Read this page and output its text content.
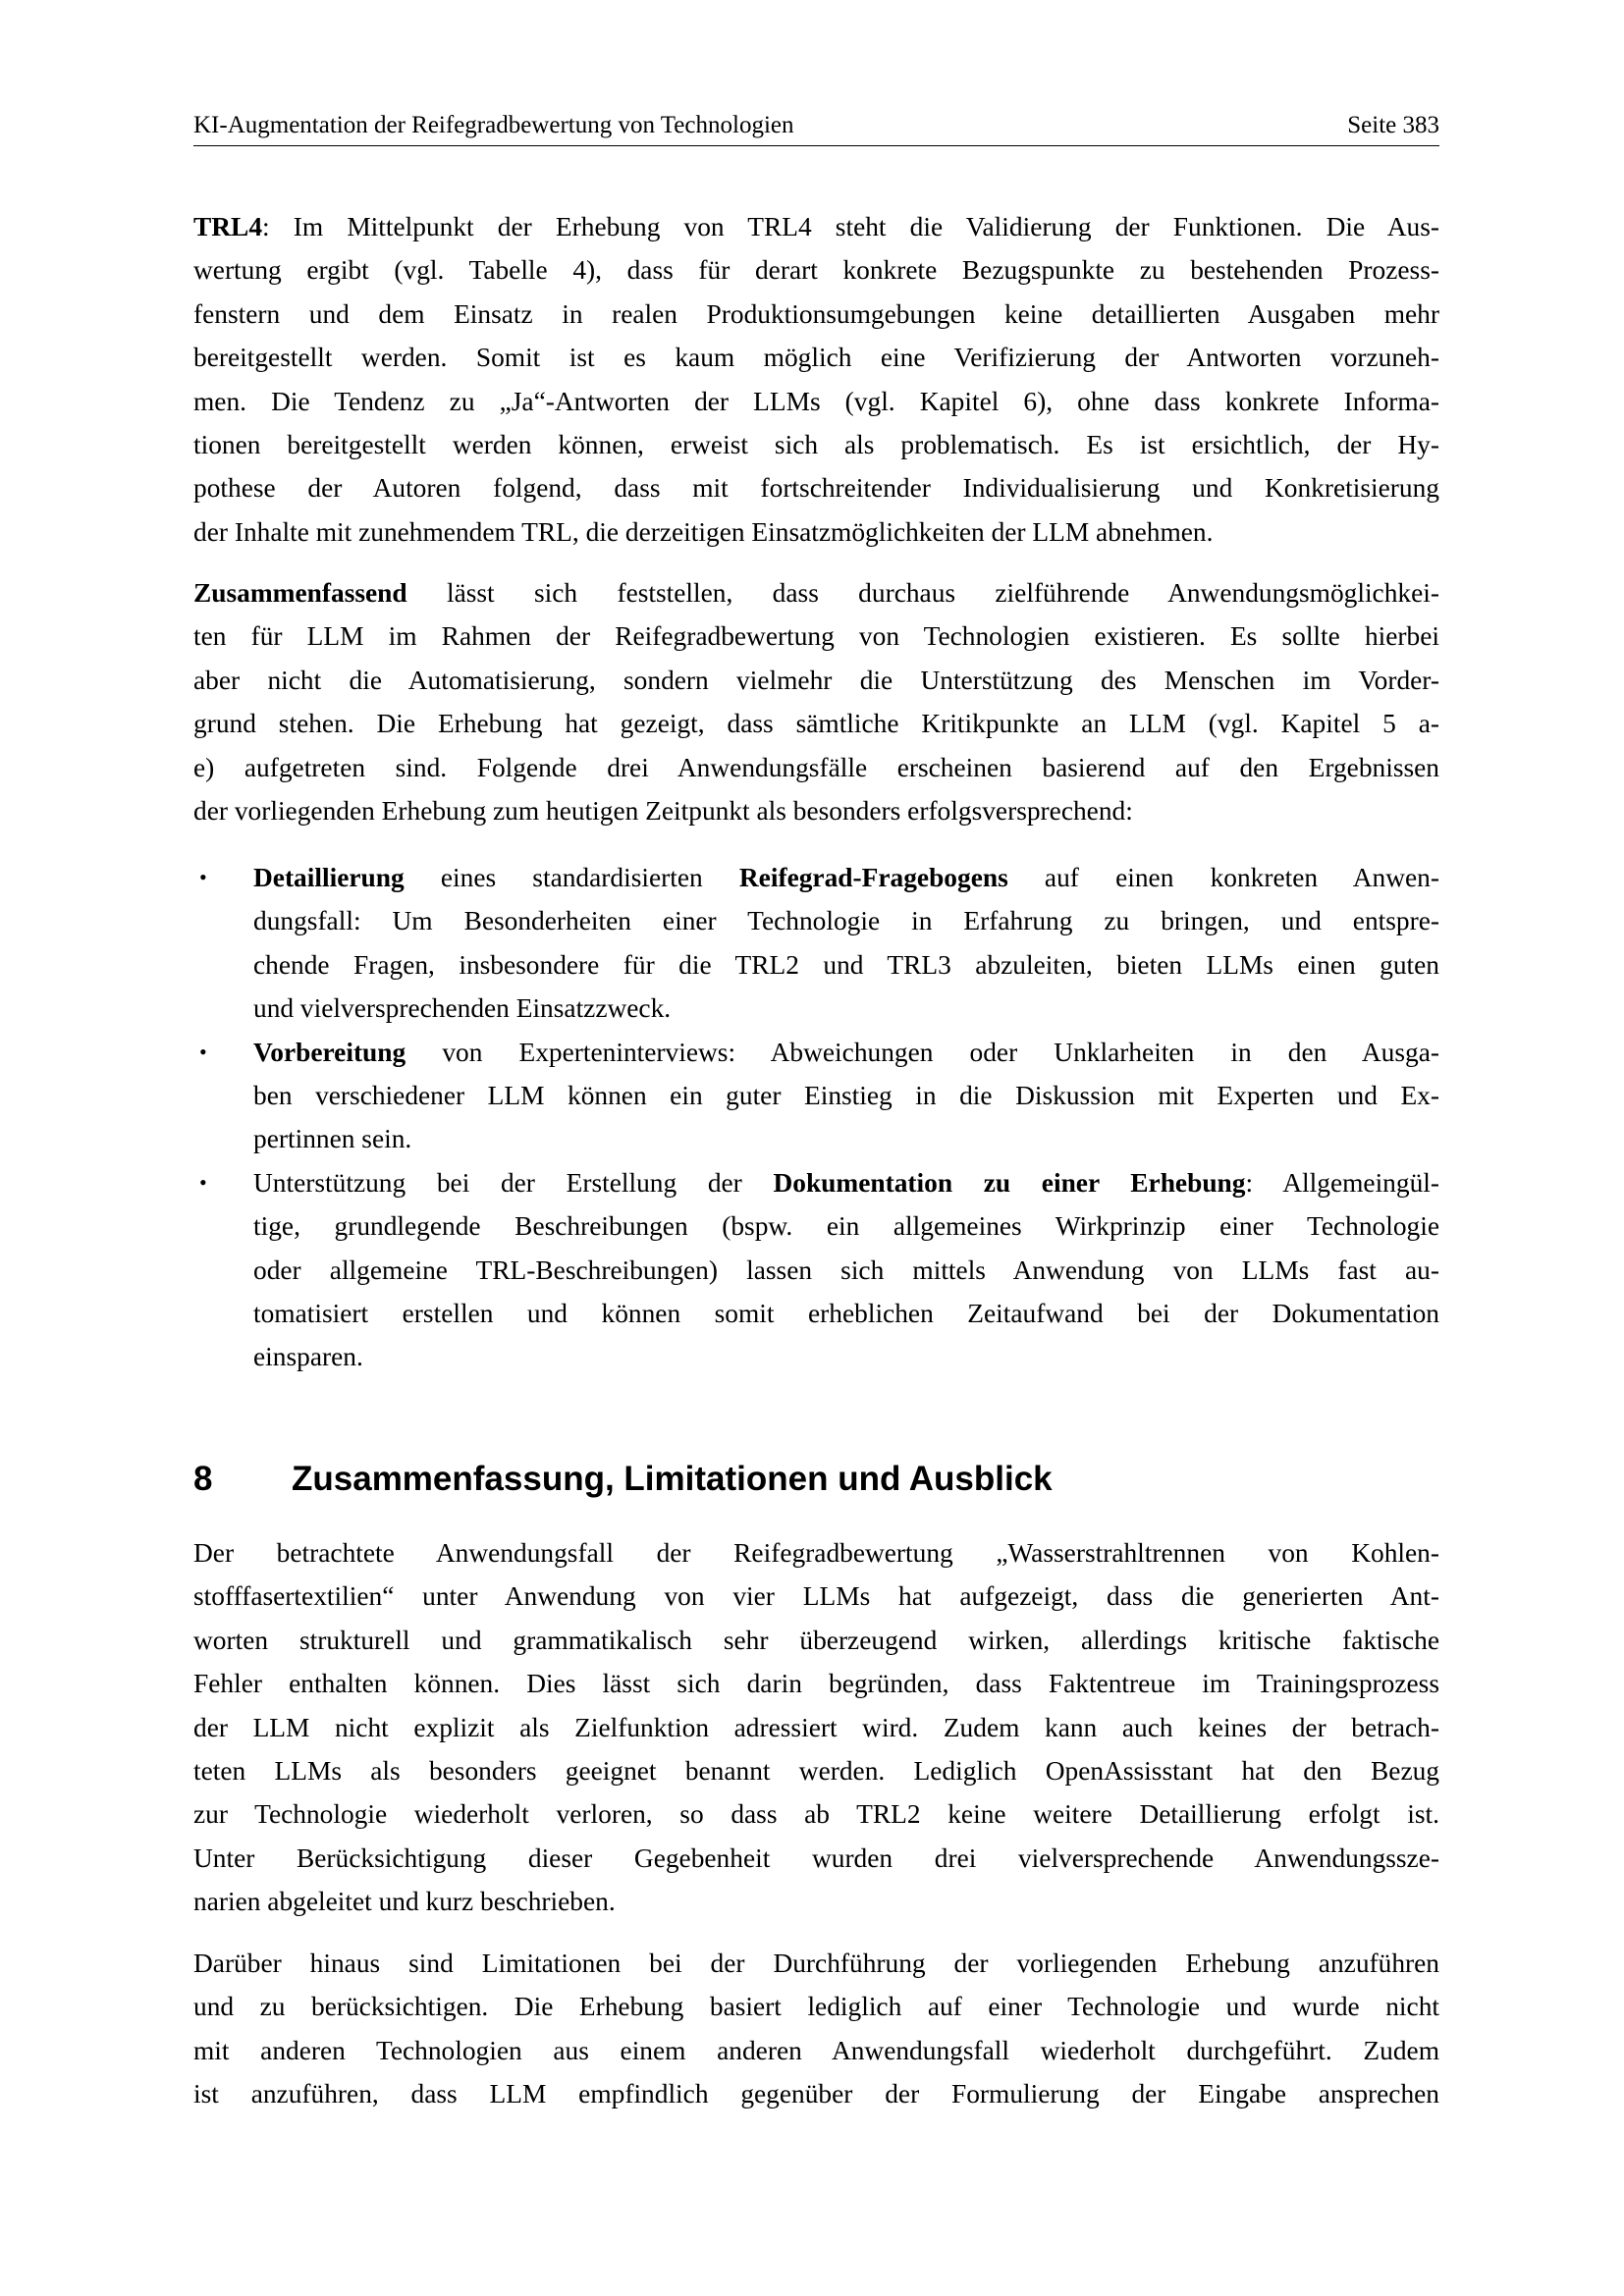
KI-Augmentation der Reifegradbewertung von Technologien	Seite 383
TRL4: Im Mittelpunkt der Erhebung von TRL4 steht die Validierung der Funktionen. Die Aus-
wertung ergibt (vgl. Tabelle 4), dass für derart konkrete Bezugspunkte zu bestehenden Prozess-
fenstern und dem Einsatz in realen Produktionsumgebungen keine detaillierten Ausgaben mehr
bereitgestellt werden. Somit ist es kaum möglich eine Verifizierung der Antworten vorzuneh-
men. Die Tendenz zu „Ja“-Antworten der LLMs (vgl. Kapitel 6), ohne dass konkrete Informa-
tionen bereitgestellt werden können, erweist sich als problematisch. Es ist ersichtlich, der Hy-
pothese der Autoren folgend, dass mit fortschreitender Individualisierung und Konkretisierung
der Inhalte mit zunehmendem TRL, die derzeitigen Einsatzmöglichkeiten der LLM abnehmen.
Zusammenfassend lässt sich feststellen, dass durchaus zielführende Anwendungsmöglichkei-
ten für LLM im Rahmen der Reifegradbewertung von Technologien existieren. Es sollte hierbei
aber nicht die Automatisierung, sondern vielmehr die Unterstützung des Menschen im Vorder-
grund stehen. Die Erhebung hat gezeigt, dass sämtliche Kritikpunkte an LLM (vgl. Kapitel 5 a-
e) aufgetreten sind. Folgende drei Anwendungsfälle erscheinen basierend auf den Ergebnissen
der vorliegenden Erhebung zum heutigen Zeitpunkt als besonders erfolgsversprechend:
• Detaillierung eines standardisierten Reifegrad-Fragebogens auf einen konkreten Anwen-
dungsfall: Um Besonderheiten einer Technologie in Erfahrung zu bringen, und entspre-
chende Fragen, insbesondere für die TRL2 und TRL3 abzuleiten, bieten LLMs einen guten
und vielversprechenden Einsatzzweck.
• Vorbereitung von Experteninterviews: Abweichungen oder Unklarheiten in den Ausga-
ben verschiedener LLM können ein guter Einstieg in die Diskussion mit Experten und Ex-
pertinnen sein.
• Unterstützung bei der Erstellung der Dokumentation zu einer Erhebung: Allgemeingül-
tige, grundlegende Beschreibungen (bspw. ein allgemeines Wirkprinzip einer Technologie
oder allgemeine TRL-Beschreibungen) lassen sich mittels Anwendung von LLMs fast au-
tomatisiert erstellen und können somit erheblichen Zeitaufwand bei der Dokumentation
einsparen.
8 Zusammenfassung, Limitationen und Ausblick
Der betrachtete Anwendungsfall der Reifegradbewertung „Wasserstrahltrennen von Kohlen-
stofffasertextilien“ unter Anwendung von vier LLMs hat aufgezeigt, dass die generierten Ant-
worten strukturell und grammatikalisch sehr überzeugend wirken, allerdings kritische faktische
Fehler enthalten können. Dies lässt sich darin begründen, dass Faktentreue im Trainingsprozess
der LLM nicht explizit als Zielfunktion adressiert wird. Zudem kann auch keines der betrach-
teten LLMs als besonders geeignet benannt werden. Lediglich OpenAssisstant hat den Bezug
zur Technologie wiederholt verloren, so dass ab TRL2 keine weitere Detaillierung erfolgt ist.
Unter Berücksichtigung dieser Gegebenheit wurden drei vielversprechende Anwendungssze-
narien abgeleitet und kurz beschrieben.
Darüber hinaus sind Limitationen bei der Durchführung der vorliegenden Erhebung anzuführen
und zu berücksichtigen. Die Erhebung basiert lediglich auf einer Technologie und wurde nicht
mit anderen Technologien aus einem anderen Anwendungsfall wiederholt durchgeführt. Zudem
ist anzuführen, dass LLM empfindlich gegenüber der Formulierung der Eingabe ansprechen
